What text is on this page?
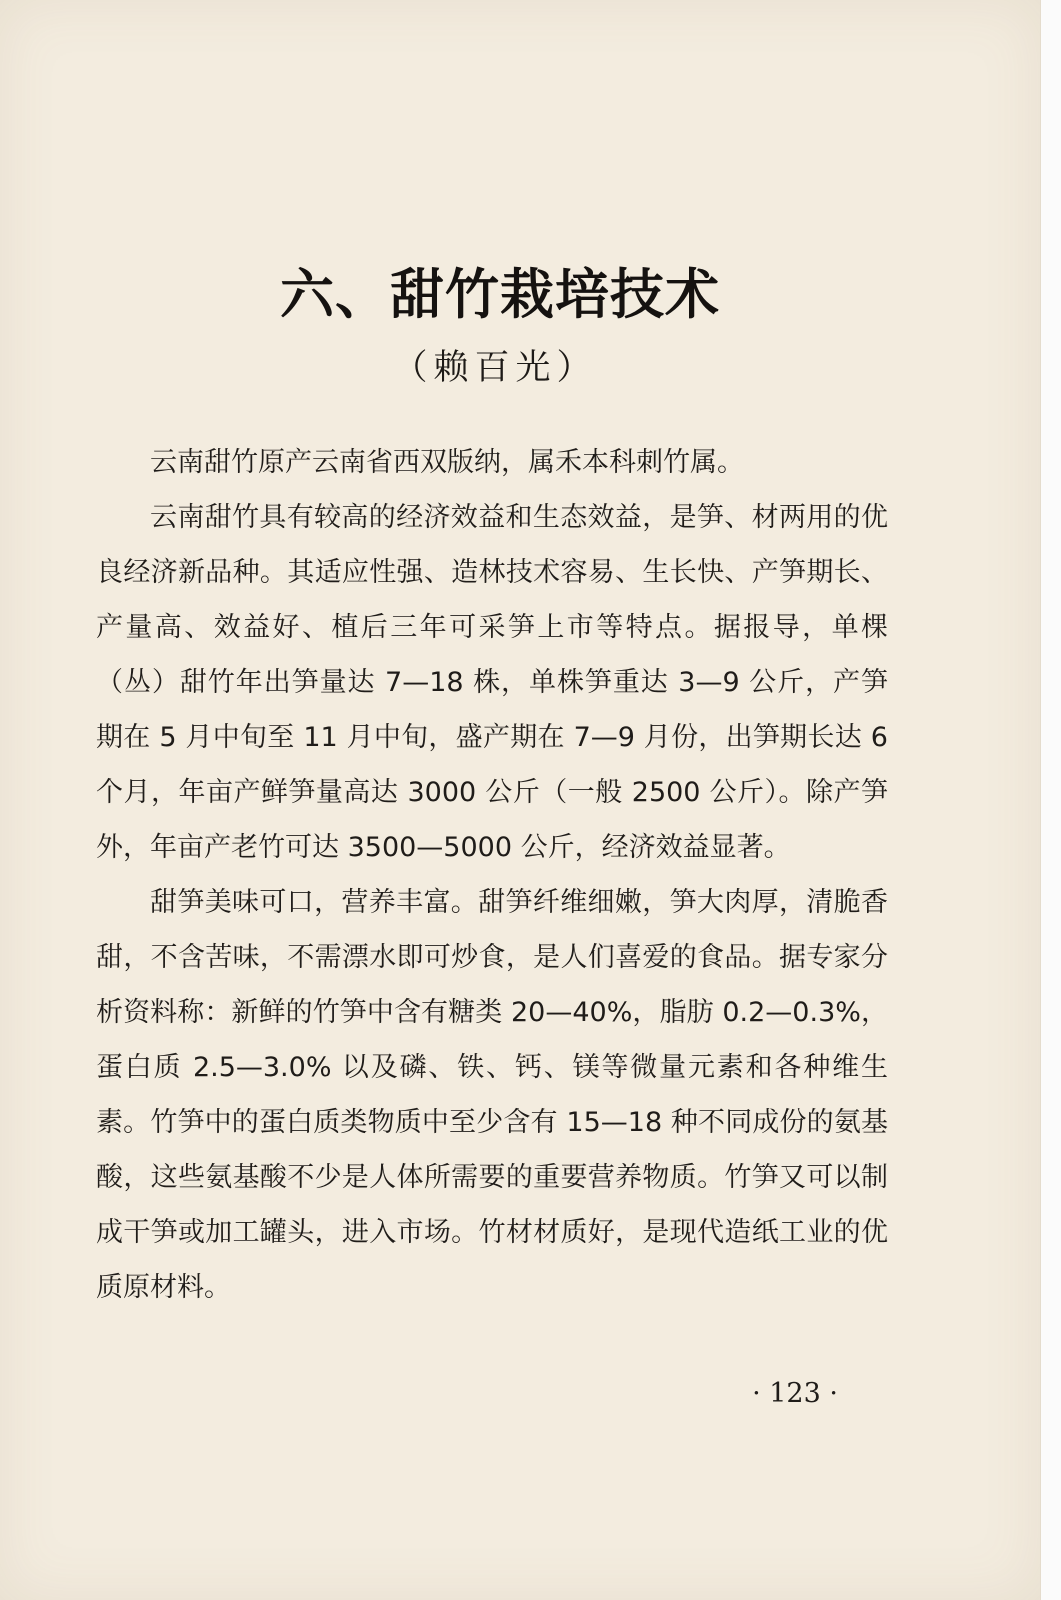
六、甜竹栽培技术
（赖百光）

云南甜竹原产云南省西双版纳，属禾本科刺竹属。

云南甜竹具有较高的经济效益和生态效益，是笋、材两用的优良经济新品种。其适应性强、造林技术容易、生长快、产笋期长、产量高、效益好、植后三年可采笋上市等特点。据报导，单棵（丛）甜竹年出笋量达 7—18 株，单株笋重达 3—9 公斤，产笋期在 5 月中旬至 11 月中旬，盛产期在 7—9 月份，出笋期长达 6 个月，年亩产鲜笋量高达 3000 公斤（一般 2500 公斤）。除产笋外，年亩产老竹可达 3500—5000 公斤，经济效益显著。

甜笋美味可口，营养丰富。甜笋纤维细嫩，笋大肉厚，清脆香甜，不含苦味，不需漂水即可炒食，是人们喜爱的食品。据专家分析资料称：新鲜的竹笋中含有糖类 20—40%，脂肪 0.2—0.3%，蛋白质 2.5—3.0% 以及磷、铁、钙、镁等微量元素和各种维生素。竹笋中的蛋白质类物质中至少含有 15—18 种不同成份的氨基酸，这些氨基酸不少是人体所需要的重要营养物质。竹笋又可以制成干笋或加工罐头，进入市场。竹材材质好，是现代造纸工业的优质原材料。

· 123 ·
